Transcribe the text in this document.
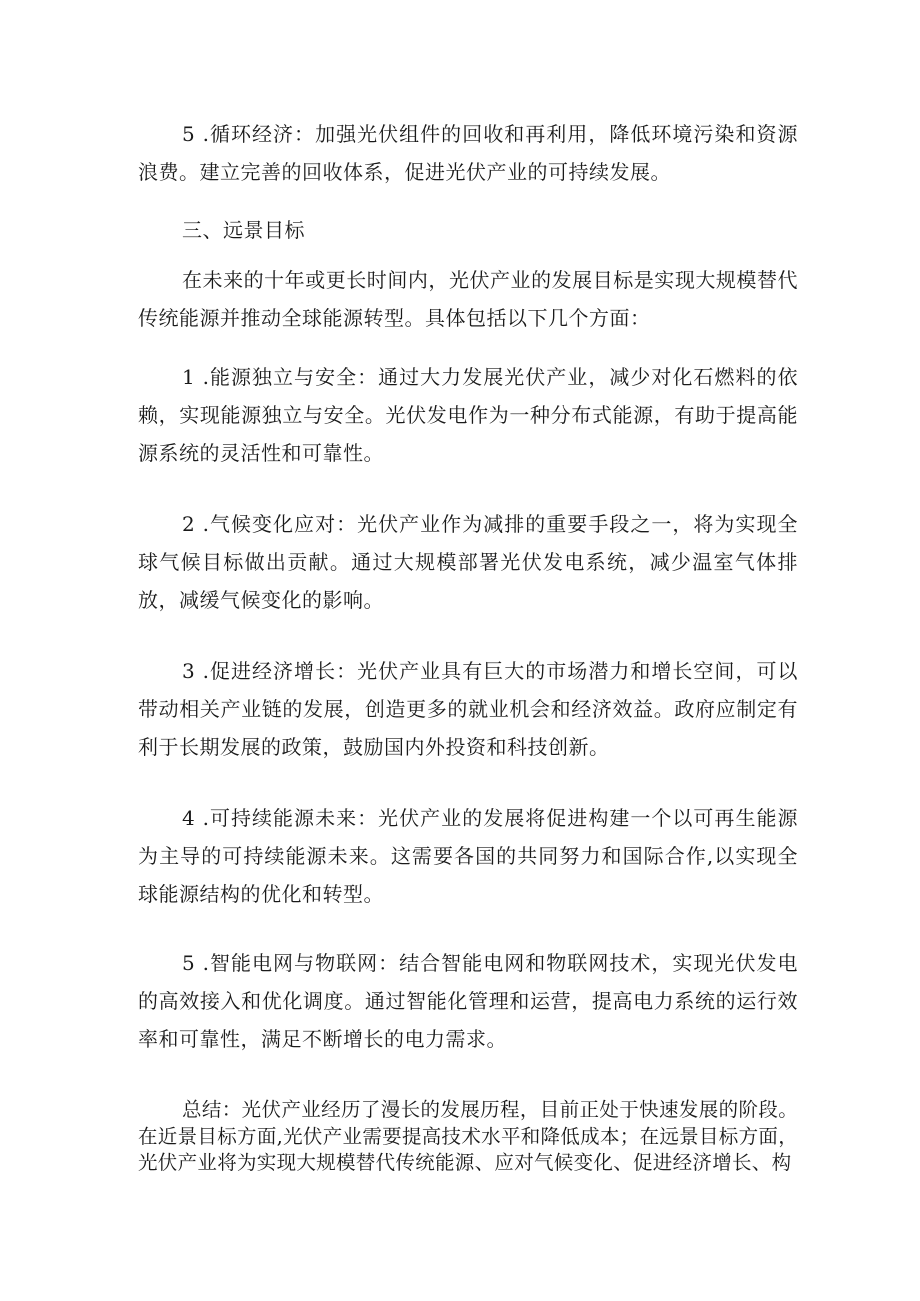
5 .循环经济：加强光伏组件的回收和再利用，降低环境污染和资源浪费。建立完善的回收体系，促进光伏产业的可持续发展。

三、远景目标

在未来的十年或更长时间内，光伏产业的发展目标是实现大规模替代传统能源并推动全球能源转型。具体包括以下几个方面：

1 .能源独立与安全：通过大力发展光伏产业，减少对化石燃料的依赖，实现能源独立与安全。光伏发电作为一种分布式能源，有助于提高能源系统的灵活性和可靠性。

2 .气候变化应对：光伏产业作为减排的重要手段之一，将为实现全球气候目标做出贡献。通过大规模部署光伏发电系统，减少温室气体排放，减缓气候变化的影响。

3 .促进经济增长：光伏产业具有巨大的市场潜力和增长空间，可以带动相关产业链的发展，创造更多的就业机会和经济效益。政府应制定有利于长期发展的政策，鼓励国内外投资和科技创新。

4 .可持续能源未来：光伏产业的发展将促进构建一个以可再生能源为主导的可持续能源未来。这需要各国的共同努力和国际合作,以实现全球能源结构的优化和转型。

5 .智能电网与物联网：结合智能电网和物联网技术，实现光伏发电的高效接入和优化调度。通过智能化管理和运营，提高电力系统的运行效率和可靠性，满足不断增长的电力需求。

总结：光伏产业经历了漫长的发展历程，目前正处于快速发展的阶段。在近景目标方面,光伏产业需要提高技术水平和降低成本；在远景目标方面，光伏产业将为实现大规模替代传统能源、应对气候变化、促进经济增长、构
